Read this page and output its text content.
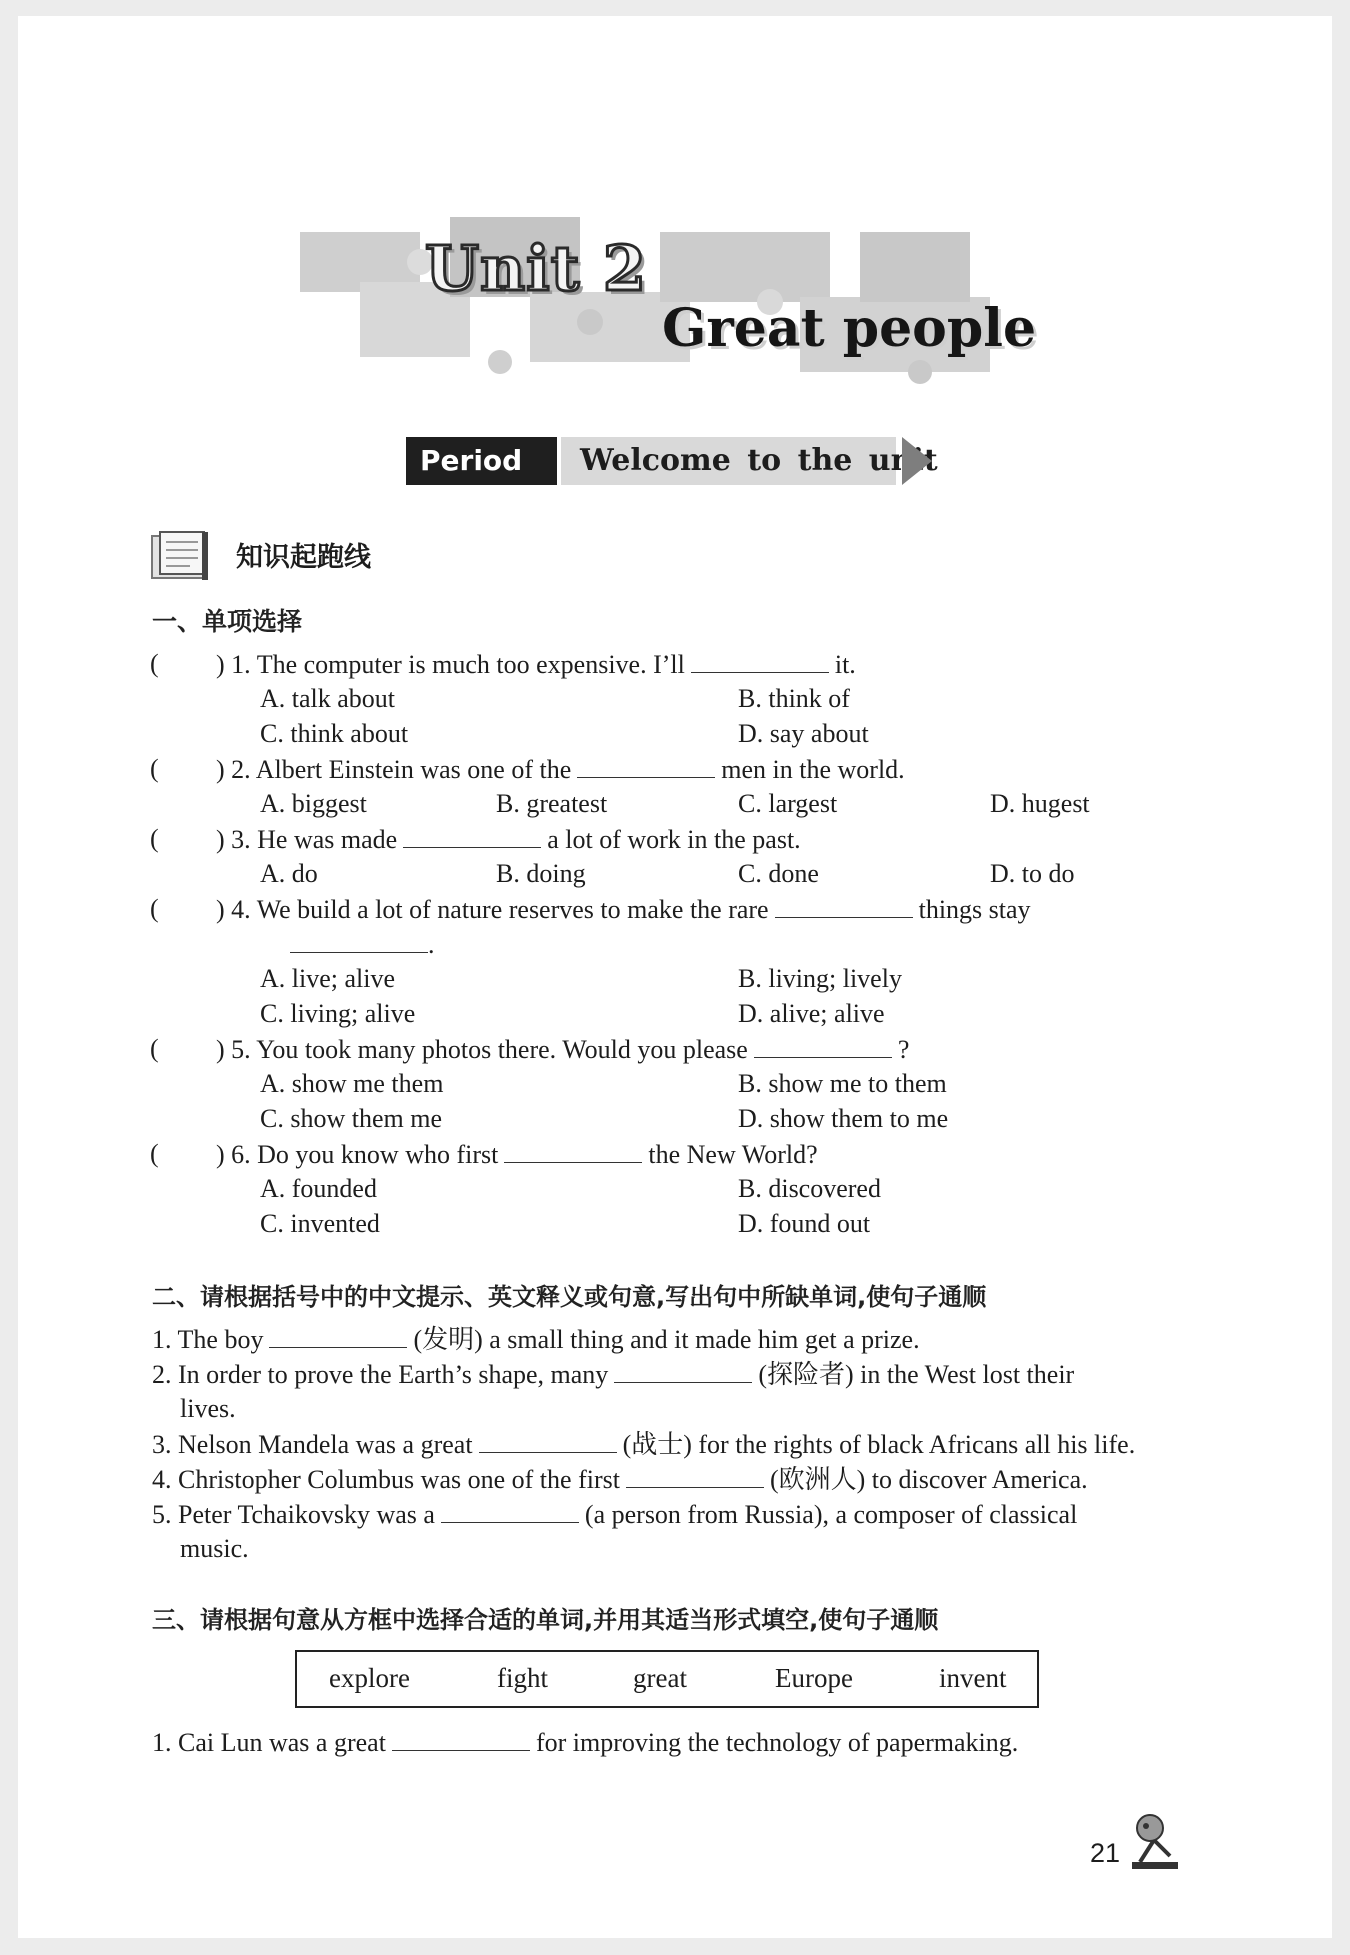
Unit 2
Great people
Period 1
Welcome to the unit
知识起跑线
一、单项选择
( ) 1. The computer is much too expensive. I’ll	it.
A. talk about	B. think of
C. think about	D. say about
( ) 2. Albert Einstein was one of the	men in the world.
A. biggest	B. greatest	C. largest	D. hugest
( ) 3. He was made	a lot of work in the past.
A. do	B. doing	C. done	D. to do
( ) 4. We build a lot of nature reserves to make the rare	things stay
.
A. live; alive	B. living; lively
C. living; alive	D. alive; alive
( ) 5. You took many photos there. Would you please	?
A. show me them	B. show me to them
C. show them me	D. show them to me
( ) 6. Do you know who first	the New World?
A. founded	B. discovered
C. invented	D. found out
二、请根据括号中的中文提示、英文释义或句意,写出句中所缺单词,使句子通顺
1. The boy	(发明) a small thing and it made him get a prize.
2. In order to prove the Earth’s shape, many	(探险者) in the West lost their
lives.
3. Nelson Mandela was a great	(战士) for the rights of black Africans all his life.
4. Christopher Columbus was one of the first	(欧洲人) to discover America.
5. Peter Tchaikovsky was a	(a person from Russia), a composer of classical
music.
三、请根据句意从方框中选择合适的单词,并用其适当形式填空,使句子通顺
explore	fight	great	Europe	invent
1. Cai Lun was a great	for improving the technology of papermaking.
21
